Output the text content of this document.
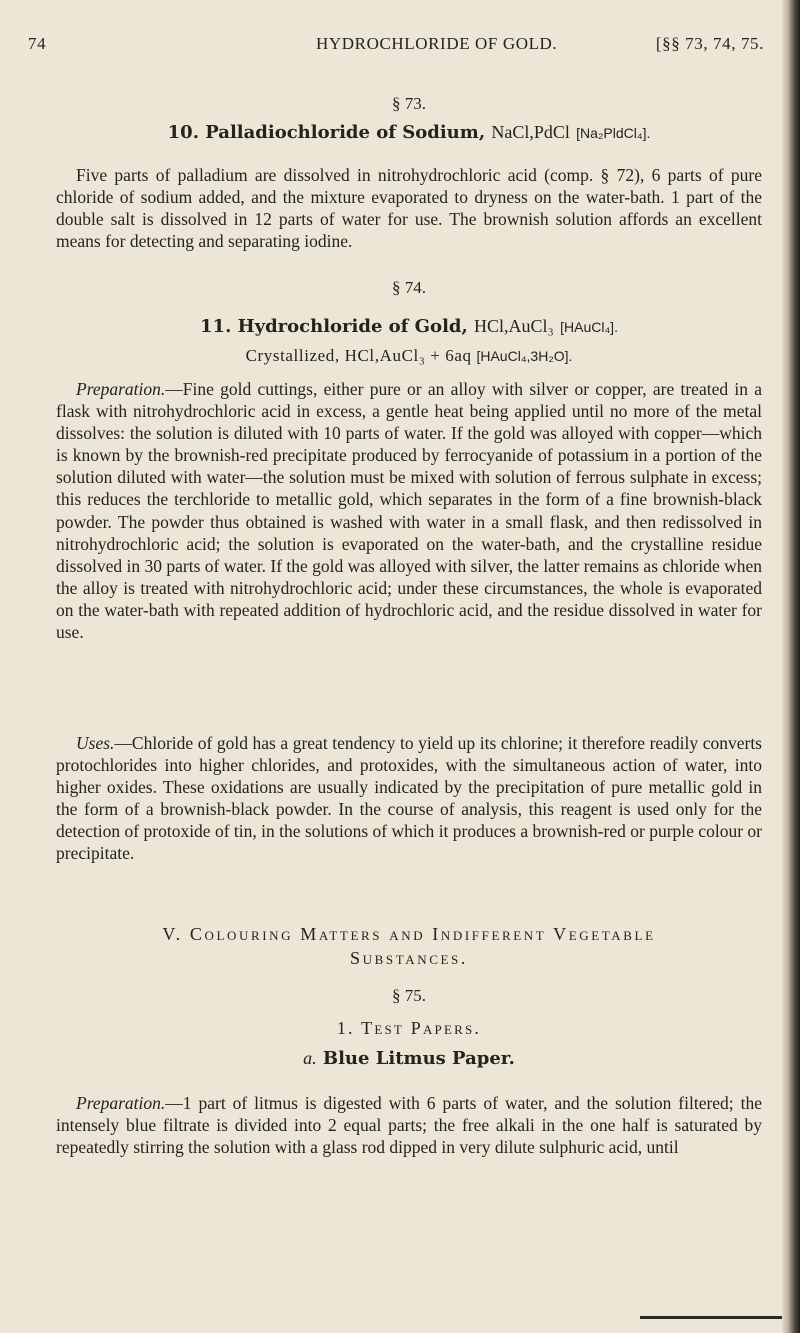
74	HYDROCHLORIDE OF GOLD.	[§§ 73, 74, 75.
§ 73.
10. Palladiochloride of Sodium, NaCl,PdCl [Na₂PldCl₄].

Five parts of palladium are dissolved in nitrohydrochloric acid (comp. § 72), 6 parts of pure chloride of sodium added, and the mixture evaporated to dryness on the water-bath. 1 part of the double salt is dissolved in 12 parts of water for use. The brownish solution affords an excellent means for detecting and separating iodine.

§ 74.
11. Hydrochloride of Gold, HCl,AuCl₃ [HAuCl₄].
Crystallized, HCl,AuCl₃ + 6aq [HAuCl₄,3H₂O].

Preparation.—Fine gold cuttings, either pure or an alloy with silver or copper, are treated in a flask with nitrohydrochloric acid in excess, a gentle heat being applied until no more of the metal dissolves: the solution is diluted with 10 parts of water. If the gold was alloyed with copper—which is known by the brownish-red precipitate produced by ferrocyanide of potassium in a portion of the solution diluted with water—the solution must be mixed with solution of ferrous sulphate in excess; this reduces the terchloride to metallic gold, which separates in the form of a fine brownish-black powder. The powder thus obtained is washed with water in a small flask, and then redissolved in nitrohydrochloric acid; the solution is evaporated on the water-bath, and the crystalline residue dissolved in 30 parts of water. If the gold was alloyed with silver, the latter remains as chloride when the alloy is treated with nitrohydrochloric acid; under these circumstances, the whole is evaporated on the water-bath with repeated addition of hydrochloric acid, and the residue dissolved in water for use.

Uses.—Chloride of gold has a great tendency to yield up its chlorine; it therefore readily converts protochlorides into higher chlorides, and protoxides, with the simultaneous action of water, into higher oxides. These oxidations are usually indicated by the precipitation of pure metallic gold in the form of a brownish-black powder. In the course of analysis, this reagent is used only for the detection of protoxide of tin, in the solutions of which it produces a brownish-red or purple colour or precipitate.

V. Colouring Matters and Indifferent Vegetable
Substances.
§ 75.
1. Test Papers.
a. Blue Litmus Paper.

Preparation.—1 part of litmus is digested with 6 parts of water, and the solution filtered; the intensely blue filtrate is divided into 2 equal parts; the free alkali in the one half is saturated by repeatedly stirring the solution with a glass rod dipped in very dilute sulphuric acid, until
